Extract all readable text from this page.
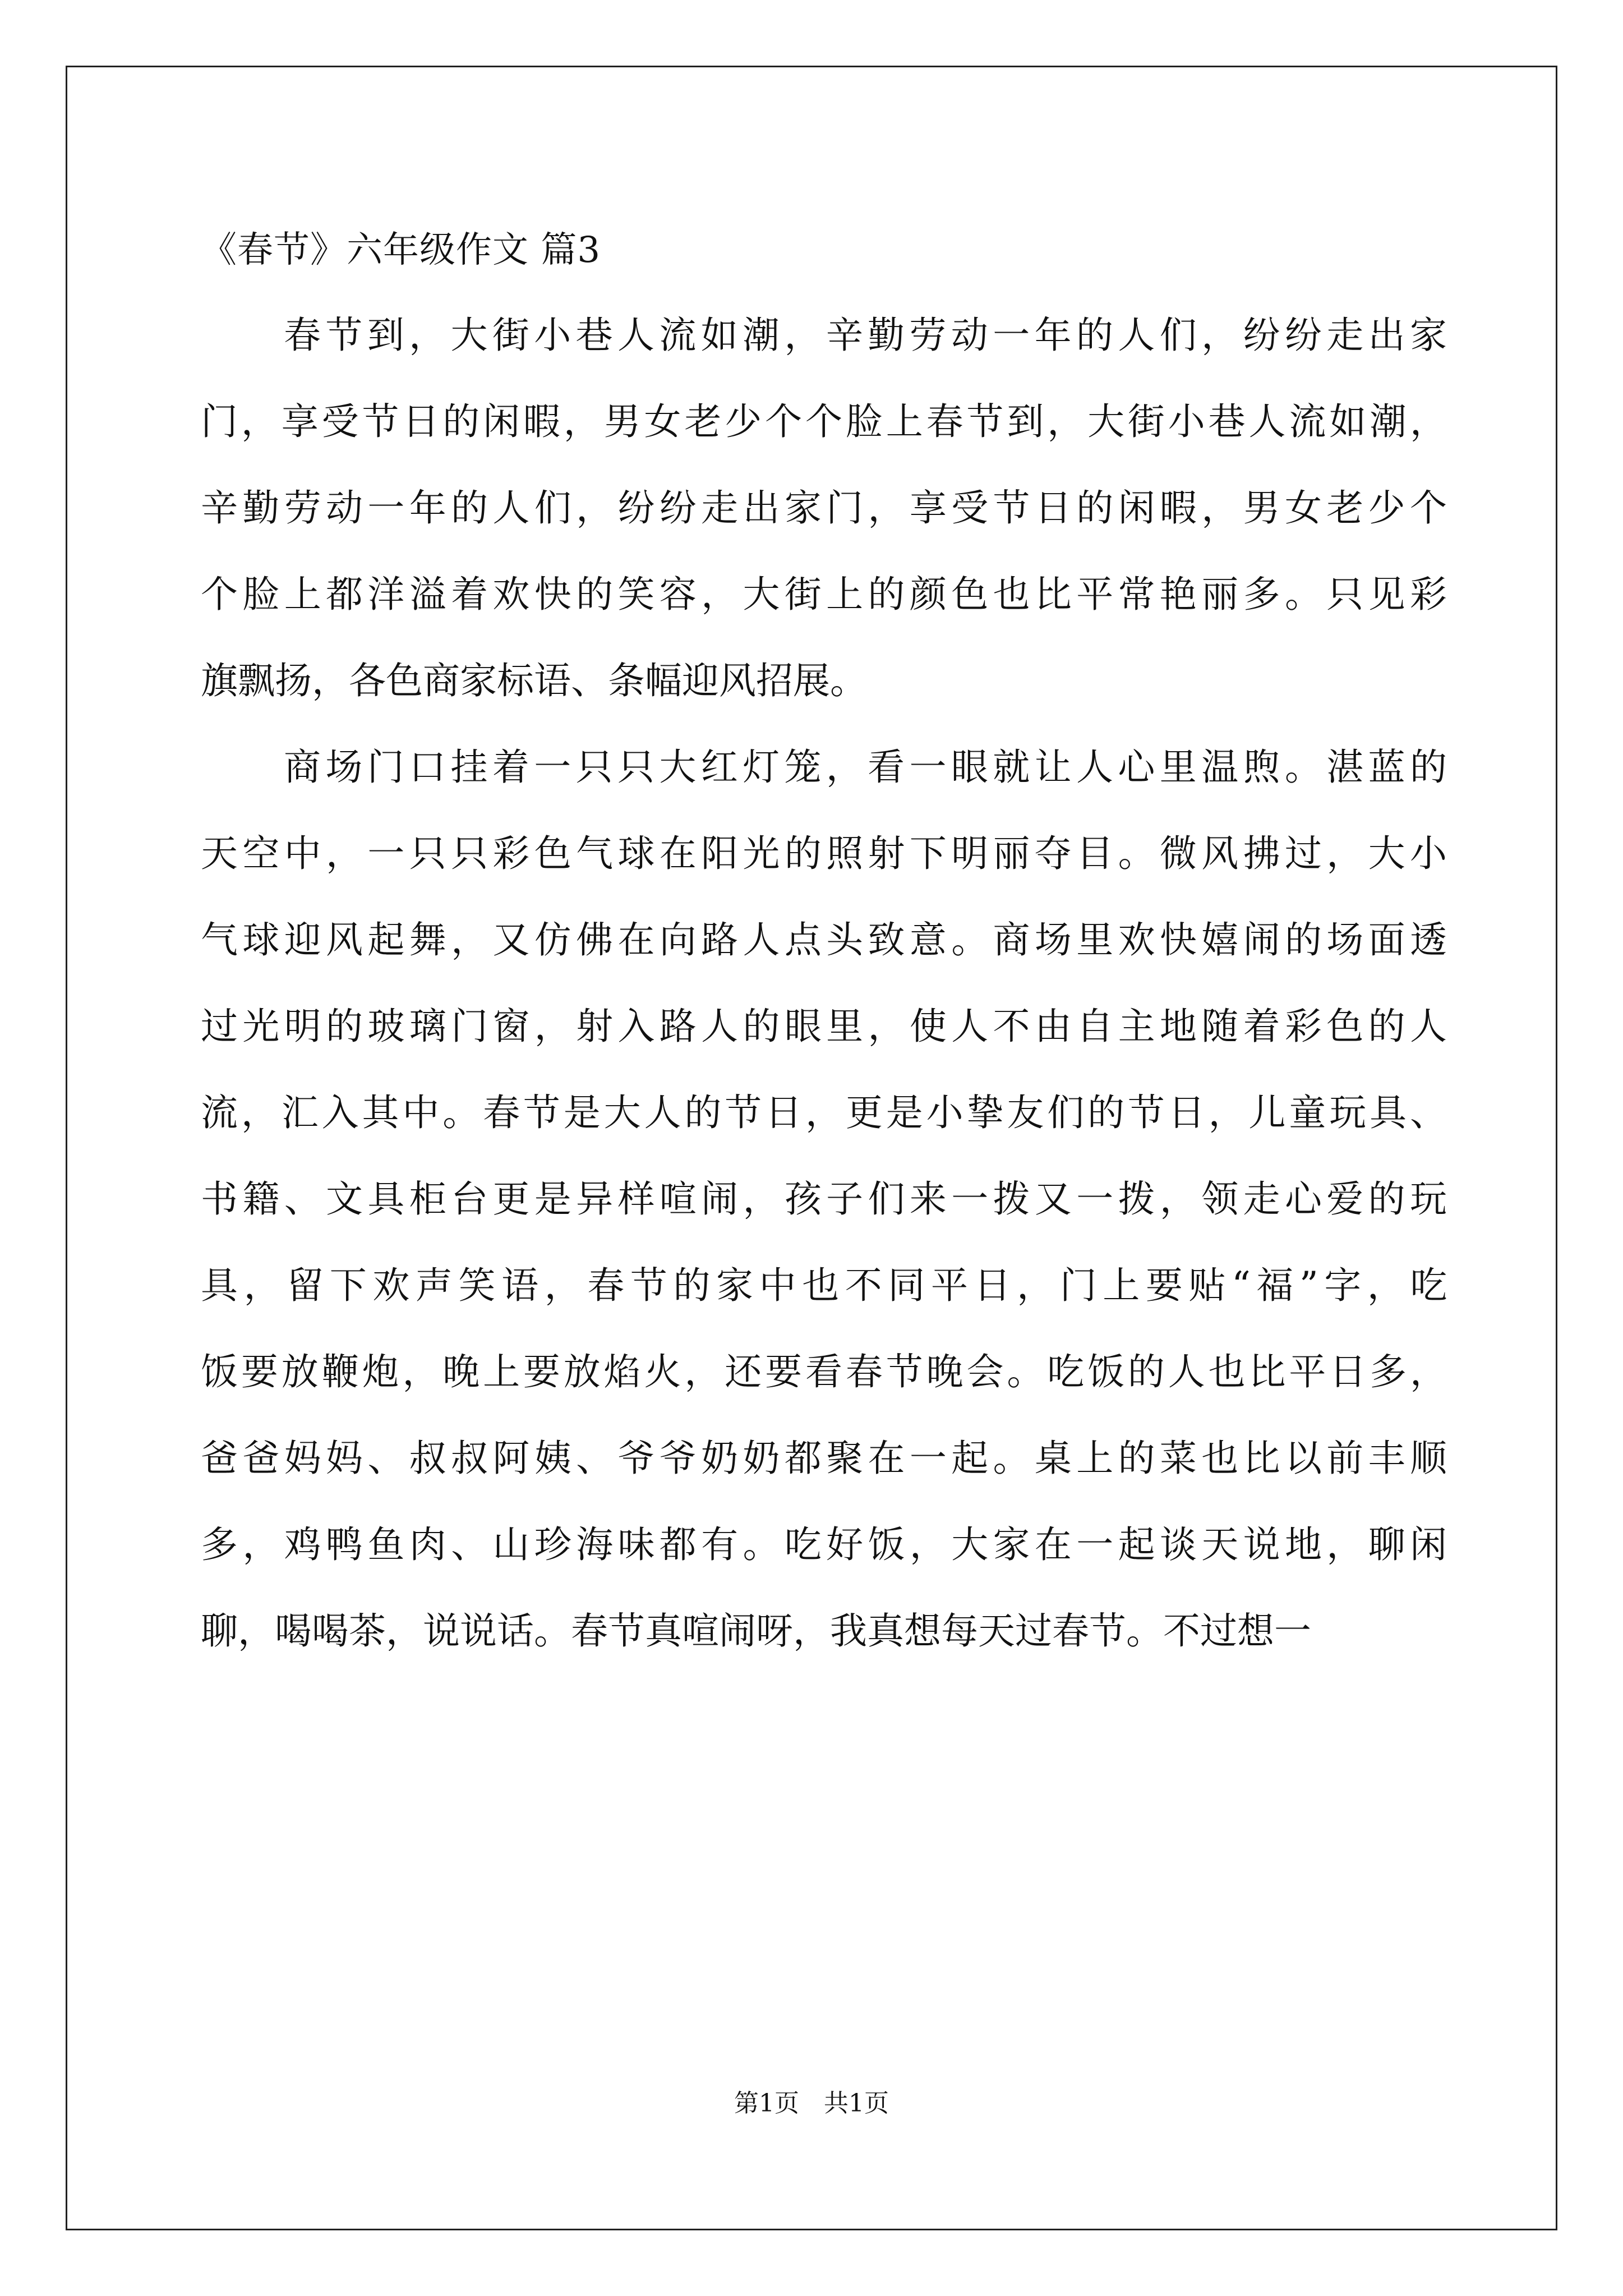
《春节》六年级作文 篇3
春节到，大街小巷人流如潮，辛勤劳动一年的人们，纷纷走出家
门，享受节日的闲暇，男女老少个个脸上春节到，大街小巷人流如潮，
辛勤劳动一年的人们，纷纷走出家门，享受节日的闲暇，男女老少个
个脸上都洋溢着欢快的笑容，大街上的颜色也比平常艳丽多。只见彩
旗飘扬，各色商家标语、条幅迎风招展。
商场门口挂着一只只大红灯笼，看一眼就让人心里温煦。湛蓝的
天空中，一只只彩色气球在阳光的照射下明丽夺目。微风拂过，大小
气球迎风起舞，又仿佛在向路人点头致意。商场里欢快嬉闹的场面透
过光明的玻璃门窗，射入路人的眼里，使人不由自主地随着彩色的人
流，汇入其中。春节是大人的节日，更是小挚友们的节日，儿童玩具、
书籍、文具柜台更是异样喧闹，孩子们来一拨又一拨，领走心爱的玩
具，留下欢声笑语，春节的家中也不同平日，门上要贴“福”字，吃
饭要放鞭炮，晚上要放焰火，还要看春节晚会。吃饭的人也比平日多，
爸爸妈妈、叔叔阿姨、爷爷奶奶都聚在一起。桌上的菜也比以前丰顺
多，鸡鸭鱼肉、山珍海味都有。吃好饭，大家在一起谈天说地，聊闲
聊，喝喝茶，说说话。春节真喧闹呀，我真想每天过春节。不过想一
第1页　共1页
